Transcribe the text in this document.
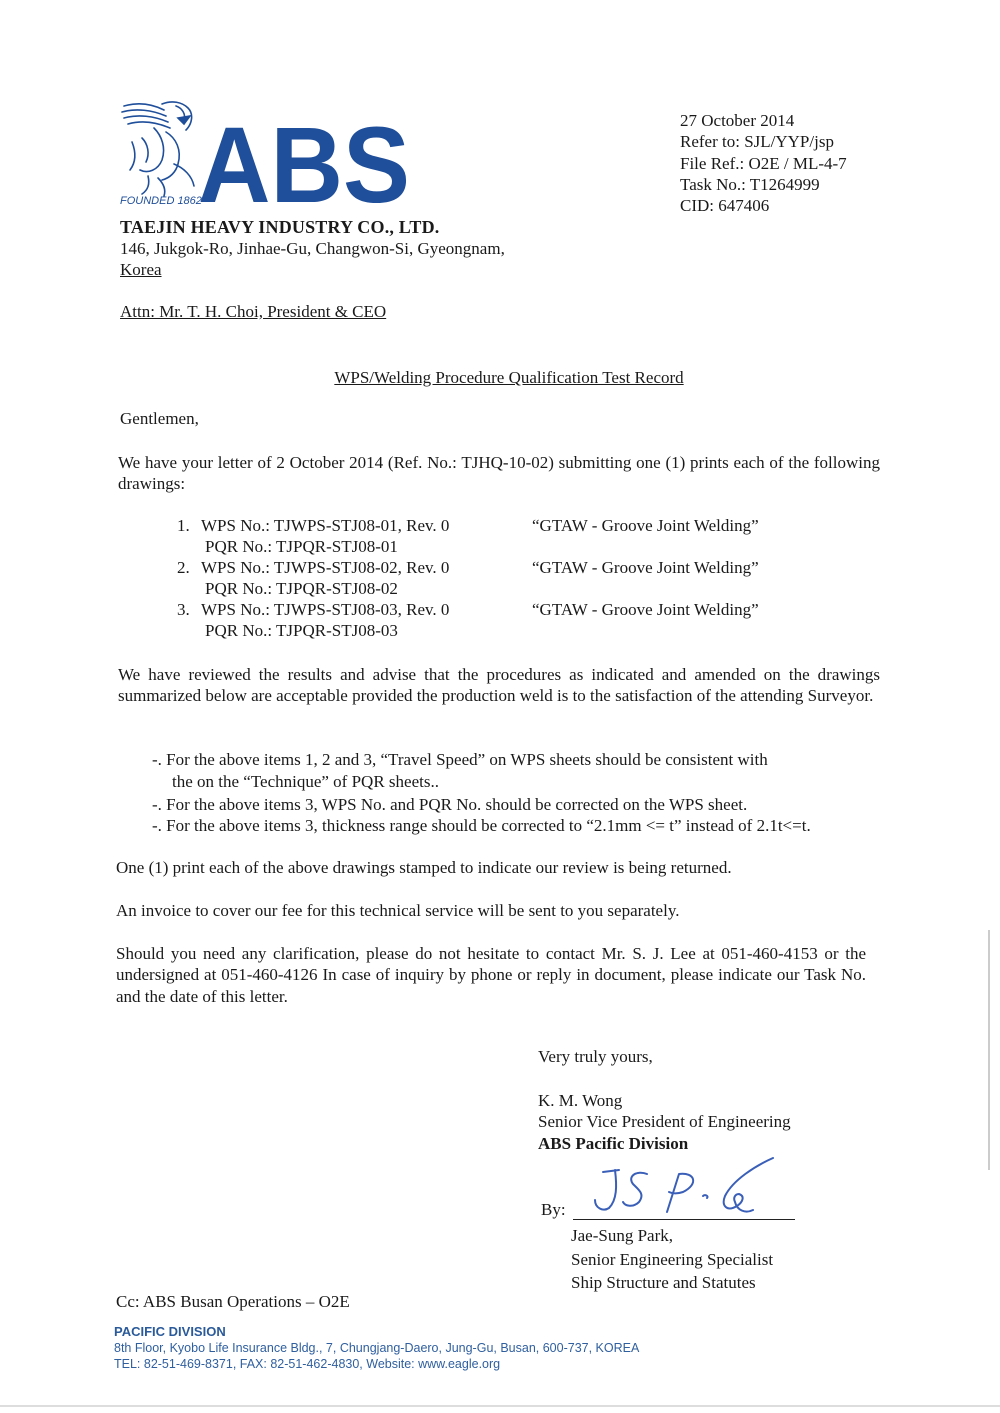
FOUNDED 1862
ABS	27 October 2014
Refer to: SJL/YYP/jsp
File Ref.: O2E / ML-4-7
Task No.: T1264999
CID: 647406
TAEJIN HEAVY INDUSTRY CO., LTD.
146, Jukgok-Ro, Jinhae-Gu, Changwon-Si, Gyeongnam,
Korea
Attn: Mr. T. H. Choi, President & CEO
WPS/Welding Procedure Qualification Test Record
Gentlemen,
We have your letter of 2 October 2014 (Ref. No.: TJHQ-10-02) submitting one (1) prints each of the following drawings:
1. WPS No.: TJWPS-STJ08-01, Rev. 0
PQR No.: TJPQR-STJ08-01
“GTAW - Groove Joint Welding”
2. WPS No.: TJWPS-STJ08-02, Rev. 0
PQR No.: TJPQR-STJ08-02
“GTAW - Groove Joint Welding”
3. WPS No.: TJWPS-STJ08-03, Rev. 0
PQR No.: TJPQR-STJ08-03
“GTAW - Groove Joint Welding”
We have reviewed the results and advise that the procedures as indicated and amended on the drawings summarized below are acceptable provided the production weld is to the satisfaction of the attending Surveyor.
-. For the above items 1, 2 and 3, “Travel Speed” on WPS sheets should be consistent with
the on the “Technique” of PQR sheets..
-. For the above items 3, WPS No. and PQR No. should be corrected on the WPS sheet.
-. For the above items 3, thickness range should be corrected to “2.1mm <= t” instead of 2.1t<=t.
One (1) print each of the above drawings stamped to indicate our review is being returned.
An invoice to cover our fee for this technical service will be sent to you separately.
Should you need any clarification, please do not hesitate to contact Mr. S. J. Lee at 051-460-4153 or the undersigned at 051-460-4126 In case of inquiry by phone or reply in document, please indicate our Task No. and the date of this letter.
Very truly yours,
K. M. Wong
Senior Vice President of Engineering
ABS Pacific Division
By:
Jae-Sung Park,
Senior Engineering Specialist
Ship Structure and Statutes
Cc: ABS Busan Operations – O2E
PACIFIC DIVISION
8th Floor, Kyobo Life Insurance Bldg., 7, Chungjang-Daero, Jung-Gu, Busan, 600-737, KOREA
TEL: 82-51-469-8371, FAX: 82-51-462-4830, Website: www.eagle.org
